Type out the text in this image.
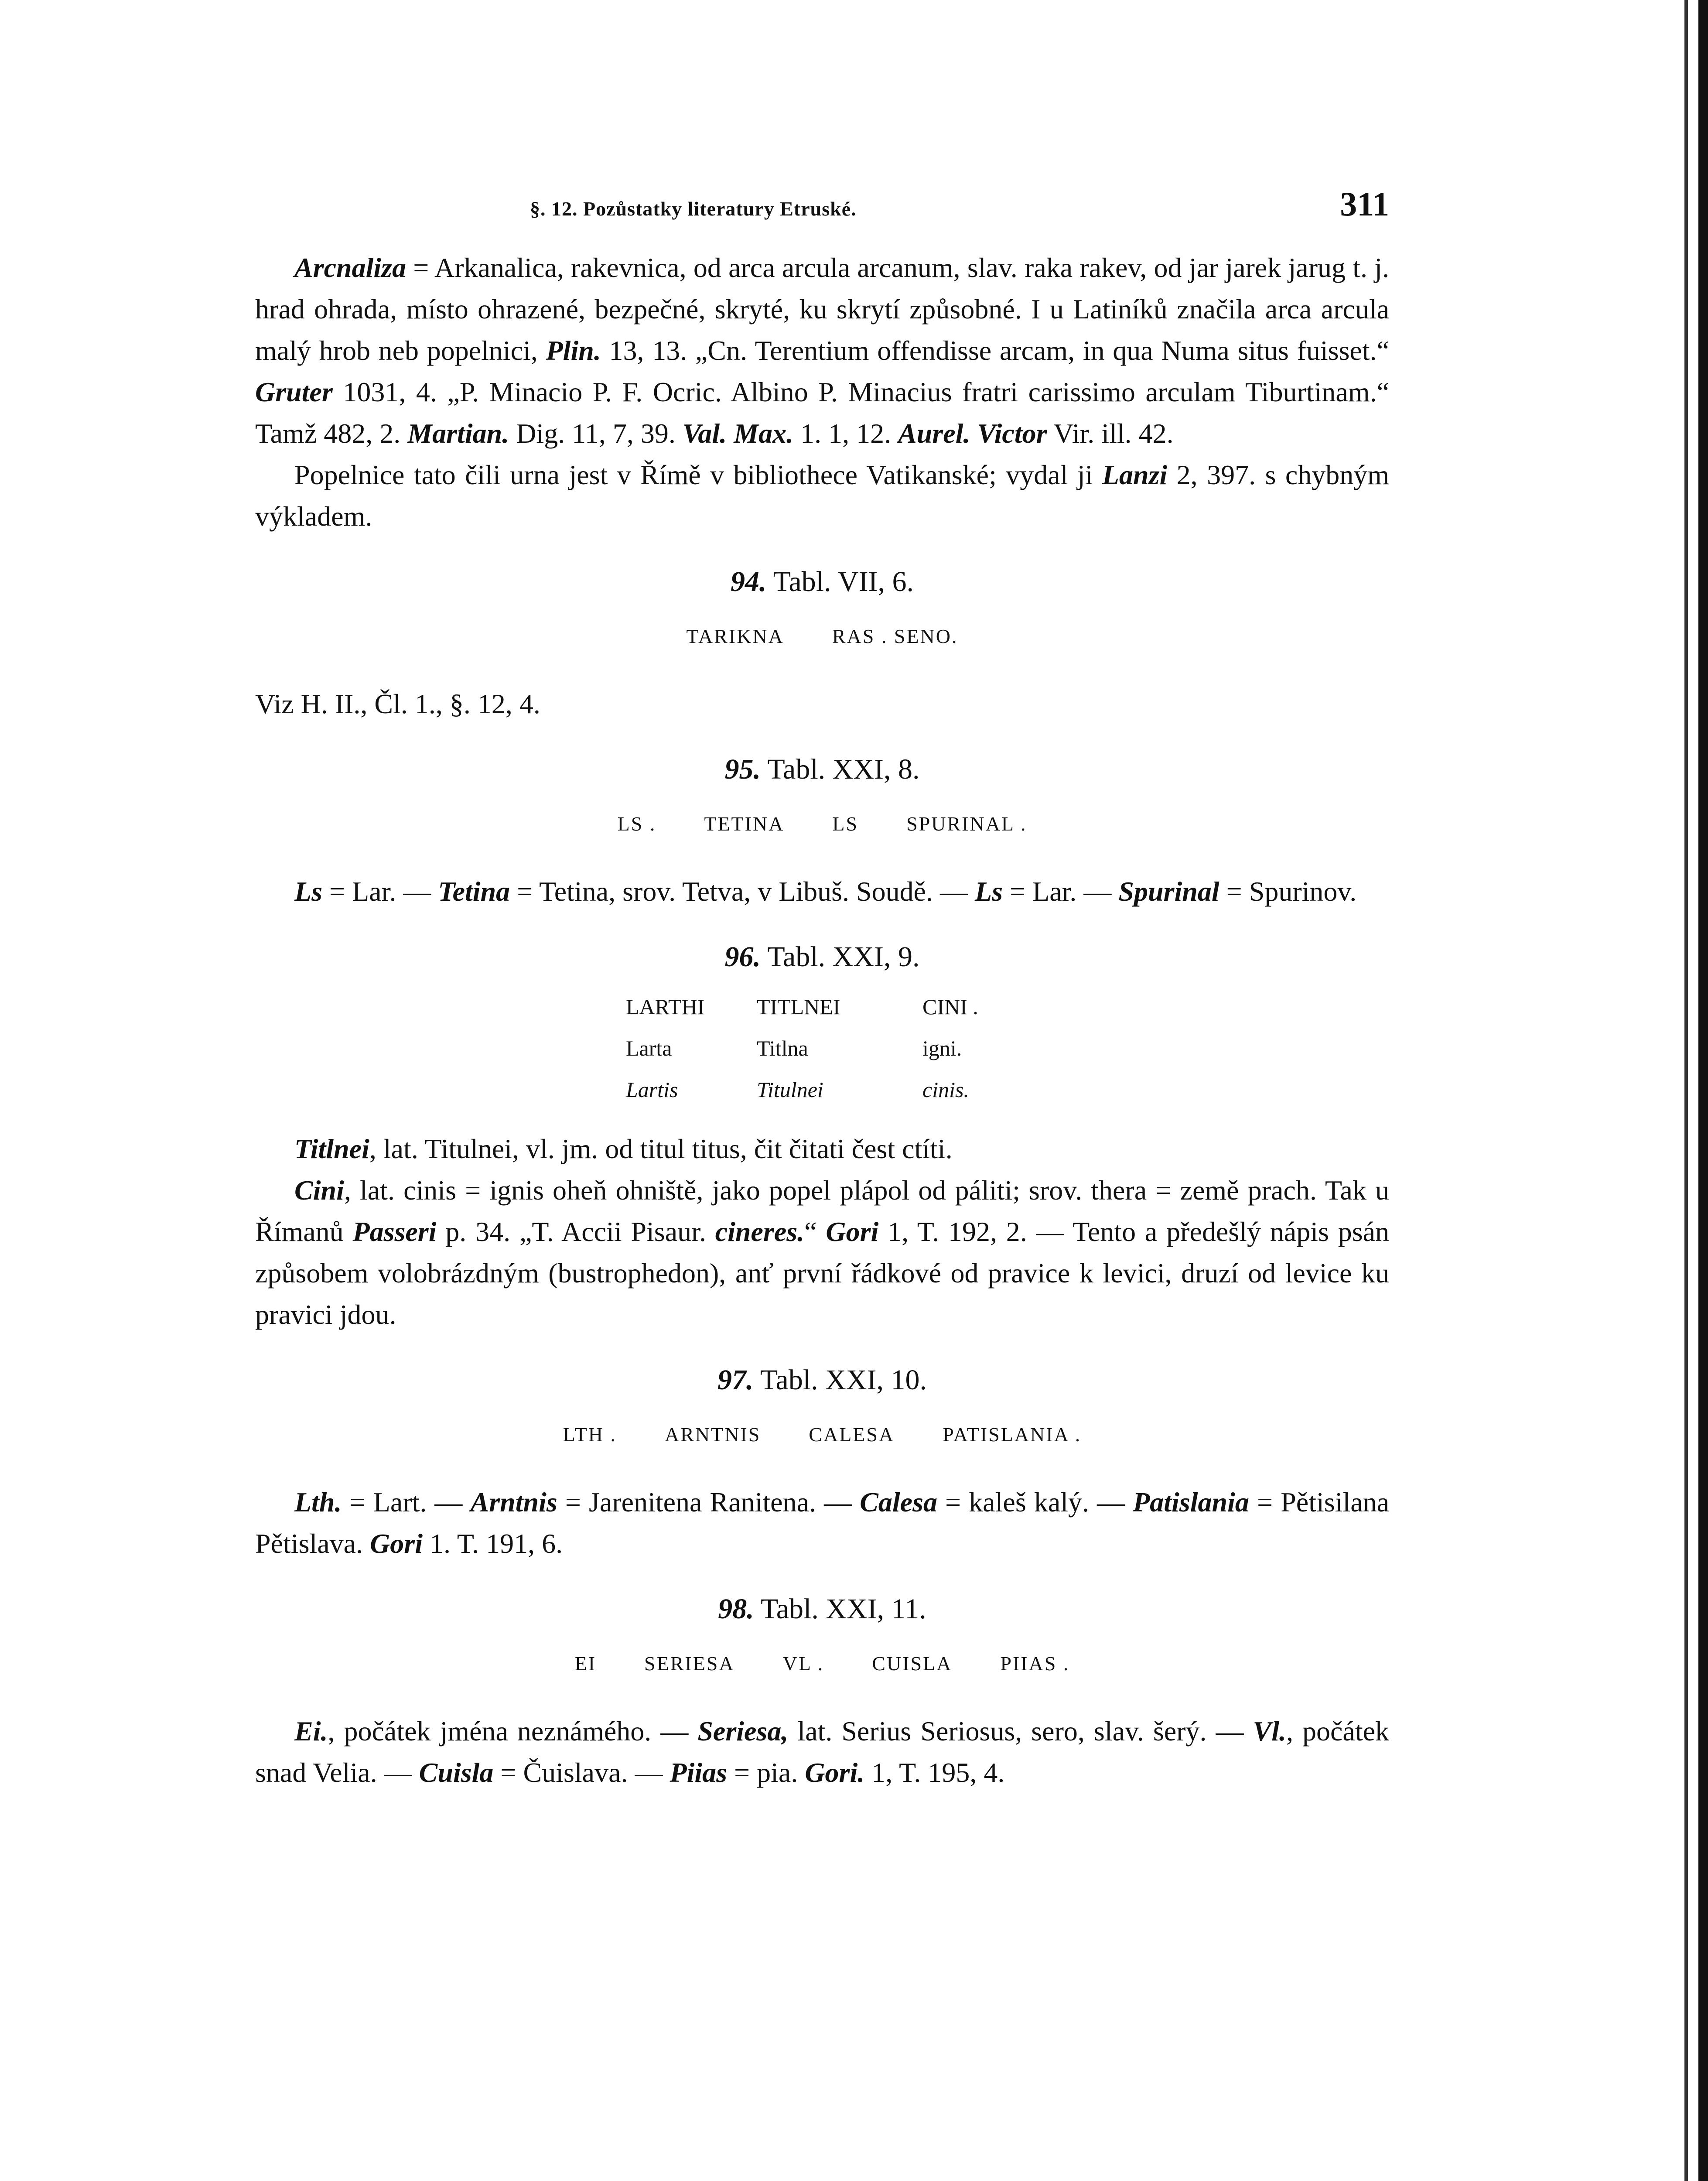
§. 12. Pozůstatky literatury Etruské.	311

Arcnaliza = Arkanalica, rakevnica, od arca arcula arcanum, slav. raka rakev, od jar jarek jarug t. j. hrad ohrada, místo ohrazené, bezpečné, skryté, ku skrytí způsobné. I u Latiníků značila arca arcula malý hrob neb popelnici, Plin. 13, 13. „Cn. Terentium offendisse arcam, in qua Numa situs fuisset.“ Gruter 1031, 4. „P. Minacio P. F. Ocric. Albino P. Minacius fratri carissimo arculam Tiburtinam.“ Tamž 482, 2. Martian. Dig. 11, 7, 39. Val. Max. 1. 1, 12. Aurel. Victor Vir. ill. 42.

Popelnice tato čili urna jest v Římě v bibliothece Vatikanské; vydal ji Lanzi 2, 397. s chybným výkladem.

94. Tabl. VII, 6.
TARIKNA RAS . SENO.

Viz H. II., Čl. 1., §. 12, 4.

95. Tabl. XXI, 8.
LS . TETINA LS SPURINAL .

Ls = Lar. — Tetina = Tetina, srov. Tetva, v Libuš. Soudě. — Ls = Lar. — Spurinal = Spurinov.

96. Tabl. XXI, 9.
LARTHI	TITLNEI	CINI .
Larta	Titlna	igni.
Lartis	Titulnei	cinis.

Titlnei, lat. Titulnei, vl. jm. od titul titus, čit čitati čest ctíti.

Cini, lat. cinis = ignis oheň ohniště, jako popel plápol od páliti; srov. thera = země prach. Tak u Římanů Passeri p. 34. „T. Accii Pisaur. cineres.“ Gori 1, T. 192, 2. — Tento a předešlý nápis psán způsobem volobrázdným (bustrophedon), anť první řádkové od pravice k levici, druzí od levice ku pravici jdou.

97. Tabl. XXI, 10.
LTH . ARNTNIS CALESA PATISLANIA .

Lth. = Lart. — Arntnis = Jarenitena Ranitena. — Calesa = kaleš kalý. — Patislania = Pětisilana Pětislava. Gori 1. T. 191, 6.

98. Tabl. XXI, 11.
EI SERIESA VL . CUISLA PIIAS .

Ei., počátek jména neznámého. — Seriesa, lat. Serius Seriosus, sero, slav. šerý. — Vl., počátek snad Velia. — Cuisla = Čuislava. — Piias = pia. Gori. 1, T. 195, 4.
